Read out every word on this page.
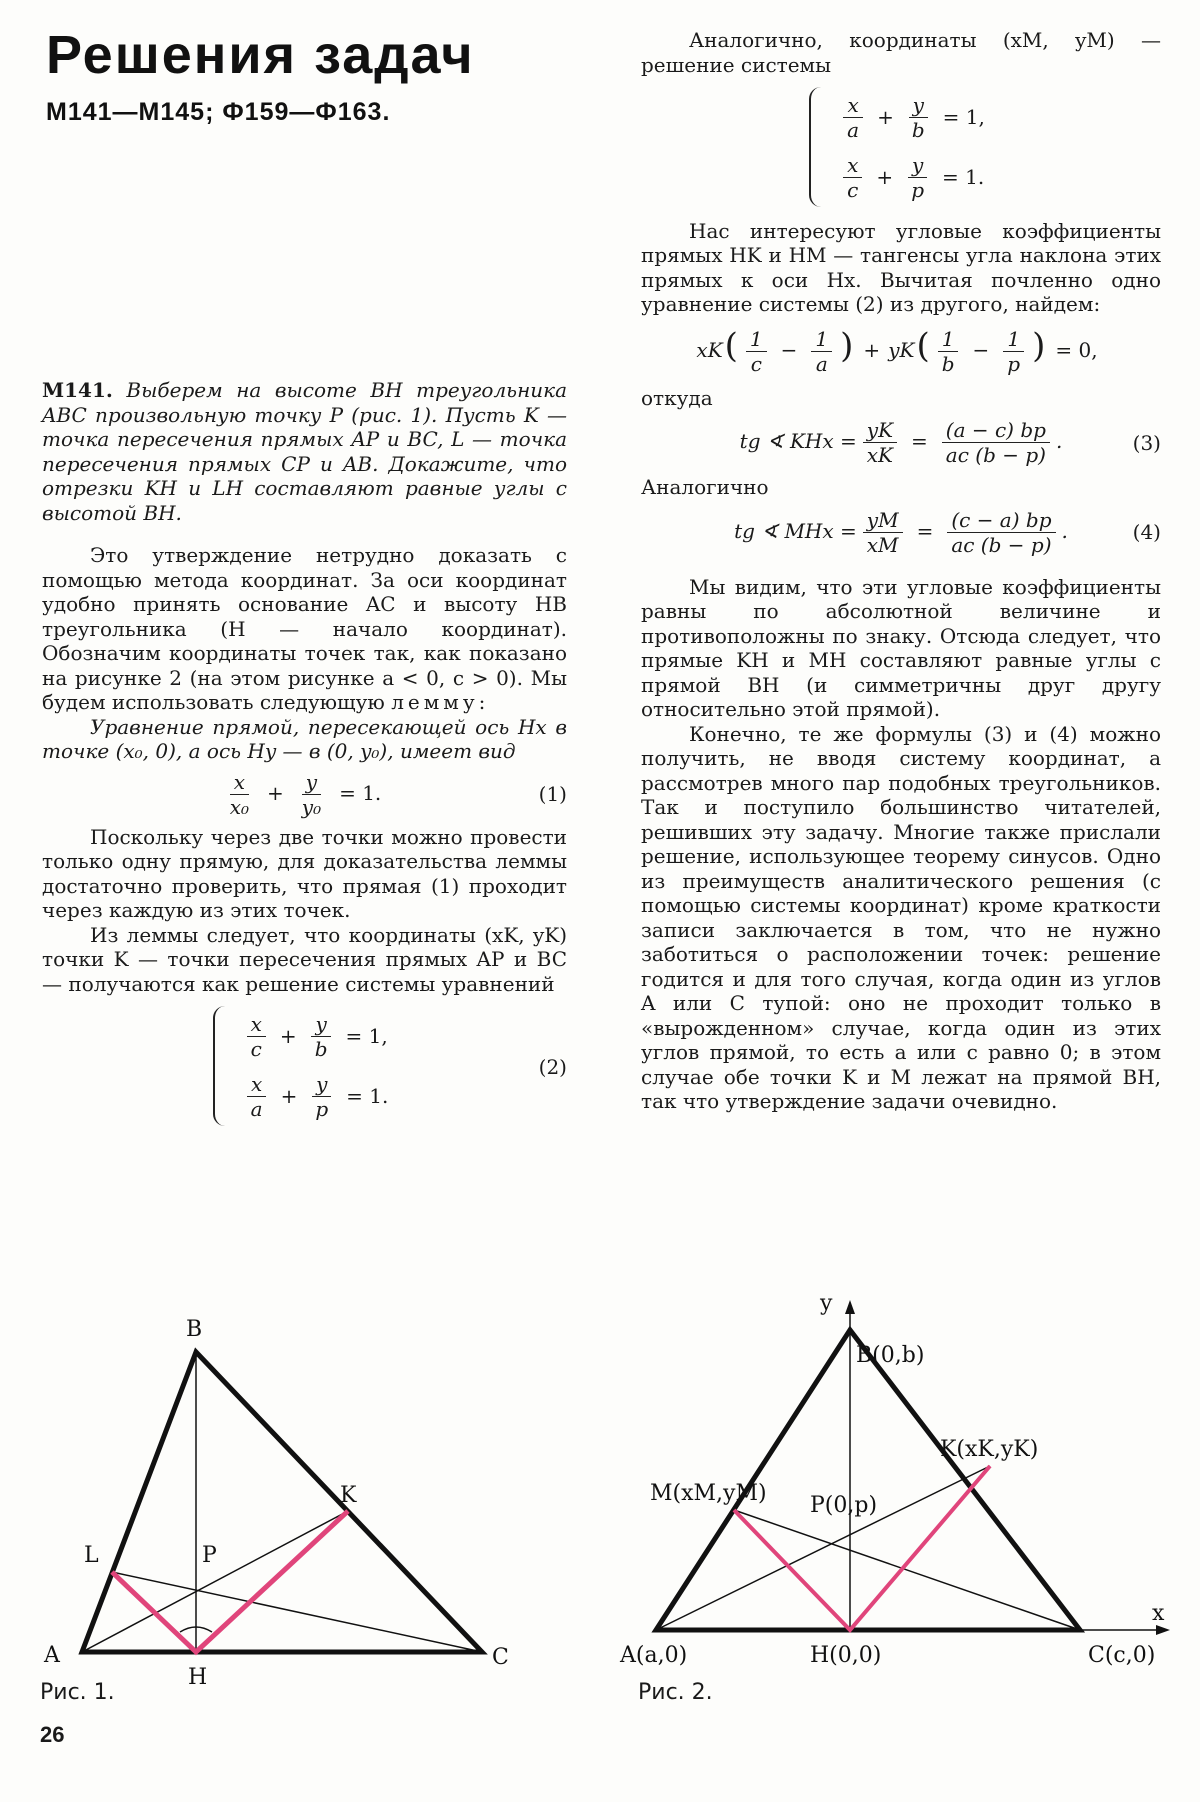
Решения задач
М141—М145; Ф159—Ф163.

М141. Выберем на высоте BH треугольника ABC произвольную точку P (рис. 1). Пусть K — точка пересечения прямых AP и BC, L — точка пересечения прямых CP и AB. Докажите, что отрезки KH и LH составляют равные углы с высотой BH.

Это утверждение нетрудно доказать с помощью метода координат. За оси координат удобно принять основание AC и высоту HB треугольника (H — начало координат). Обозначим координаты точек так, как показано на рисунке 2 (на этом рисунке a < 0, c > 0). Мы будем использовать следующую лемму:

Уравнение прямой, пересекающей ось Hx в точке (x₀, 0), а ось Hy — в (0, y₀), имеет вид

$\frac{x}{\text{x₀}} + \frac{y}{\text{y₀}} = 1$.	(1)

Поскольку через две точки можно провести только одну прямую, для доказательства леммы достаточно проверить, что прямая (1) проходит через каждую из этих точек.

Из леммы следует, что координаты (xK, yK) точки K — точки пересечения прямых AP и BC — получаются как решение системы уравнений

$\frac{x}{c} + \frac{y}{b} = 1$,
$\frac{x}{a} + \frac{y}{p} = 1$.
(2)

Аналогично, координаты (xM, yM) — решение системы

$\frac{x}{a} + \frac{y}{b} = 1$,
$\frac{x}{c} + \frac{y}{p} = 1$.

Нас интересуют угловые коэффициенты прямых HK и HM — тангенсы угла наклона этих прямых к оси Hx. Вычитая почленно одно уравнение системы (2) из другого, найдем:

$xK( \frac{1}{c} - \frac{1}{a}$ ) + $yK( \frac{1}{b} - \frac{1}{p}$ ) = 0,

откуда

tg ∢ KHx = $\frac{yK}{xK} = \frac{(a - c) bp}{ac (b - p)}$ .	(3)

Аналогично

tg ∢ MHx = $\frac{yM}{xM} = \frac{(c - a) bp}{ac (b - p)}$ .	(4)

Мы видим, что эти угловые коэффициенты равны по абсолютной величине и противоположны по знаку. Отсюда следует, что прямые KH и MH составляют равные углы с прямой BH (и симметричны друг другу относительно этой прямой).

Конечно, те же формулы (3) и (4) можно получить, не вводя систему координат, а рассмотрев много пар подобных треугольников. Так и поступило большинство читателей, решивших эту задачу. Многие также прислали решение, использующее теорему синусов. Одно из преимуществ аналитического решения (с помощью системы координат) кроме краткости записи заключается в том, что не нужно заботиться о расположении точек: решение годится и для того случая, когда один из углов A или C тупой: оно не проходит только в «вырожденном» случае, когда один из этих углов прямой, то есть a или c равно 0; в этом случае обе точки K и M лежат на прямой BH, так что утверждение задачи очевидно.

A
B
C
H
K
L	P
Рис. 1.
y
x
A(a,0)
B(0,b)
C(c,0)
H(0,0)
K(xK,yK)
M(xM,yM) P(0,p)
Рис. 2.
26
